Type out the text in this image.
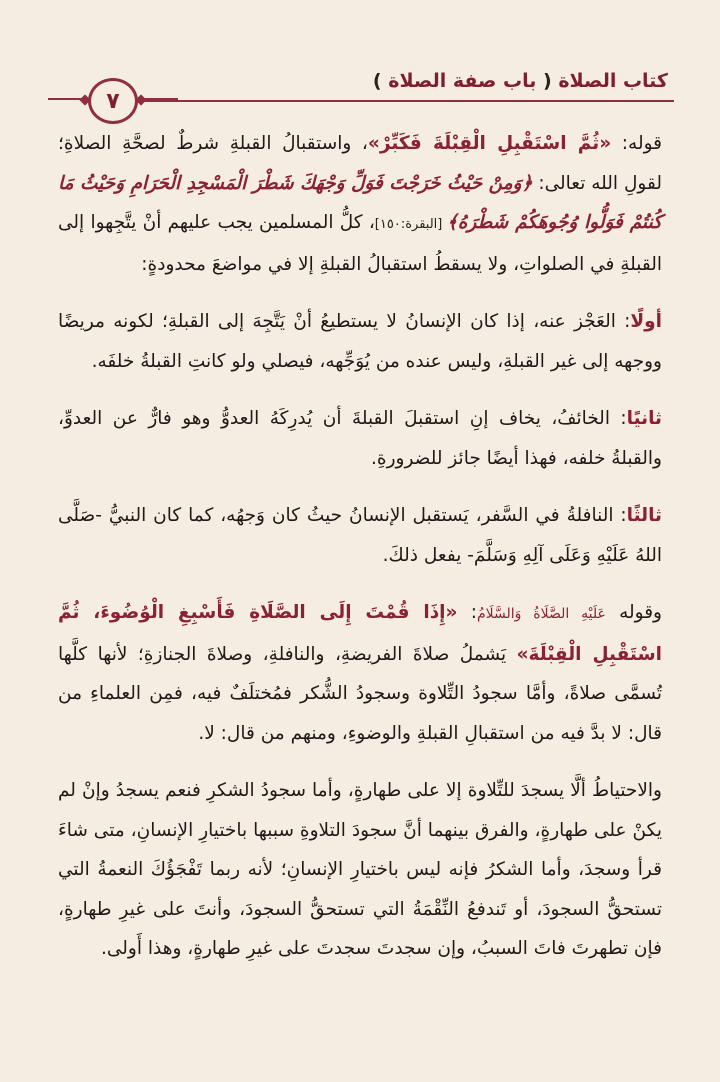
كتاب الصلاة ( باب صفة الصلاة )
٧

قوله: «ثُمَّ اسْتَقْبِلِ الْقِبْلَةَ فَكَبِّرْ»، واستقبالُ القبلةِ شرطٌ لصحَّةِ الصلاةِ؛ لقولِ الله تعالى: ﴿وَمِنْ حَيْثُ خَرَجْتَ فَوَلِّ وَجْهَكَ شَطْرَ الْمَسْجِدِ الْحَرَامِ وَحَيْثُ مَا كُنتُمْ فَوَلُّوا وُجُوهَكُمْ شَطْرَهُ﴾ [البقرة:١٥٠]، كلُّ المسلمين يجب عليهم أنْ يتَّجِهوا إلى القبلةِ في الصلواتِ، ولا يسقطُ استقبالُ القبلةِ إلا في مواضعَ محدودةٍ:

أولًا: العَجْز عنه، إذا كان الإنسانُ لا يستطيعُ أنْ يَتَّجِهَ إلى القبلةِ؛ لكونه مريضًا ووجهه إلى غير القبلةِ، وليس عنده من يُوَجِّهه، فيصلي ولو كانتِ القبلةُ خلفَه.

ثانيًا: الخائفُ، يخاف إنِ استقبلَ القبلةَ أن يُدرِكَهُ العدوُّ وهو فارٌّ عن العدوِّ، والقبلةُ خلفه، فهذا أيضًا جائز للضرورةِ.

ثالثًا: النافلةُ في السَّفر، يَستقبل الإنسانُ حيثُ كان وَجهُه، كما كان النبيُّ -صَلَّى اللهُ عَلَيْهِ وَعَلَى آلِهِ وَسَلَّمَ- يفعل ذلكَ.

وقوله عَلَيْهِ الصَّلَاةُ وَالسَّلَامُ: «إِذَا قُمْتَ إِلَى الصَّلَاةِ فَأَسْبِغِ الْوُضُوءَ، ثُمَّ اسْتَقْبِلِ الْقِبْلَةَ» يَشملُ صلاةَ الفريضةِ، والنافلةِ، وصلاةَ الجنازةِ؛ لأنها كلَّها تُسمَّى صلاةً، وأمَّا سجودُ التِّلاوة وسجودُ الشُّكر فمُختلَفٌ فيه، فمِن العلماءِ من قال: لا بدَّ فيه من استقبالِ القبلةِ والوضوءِ، ومنهم من قال: لا.

والاحتياطُ ألَّا يسجدَ للتِّلاوة إلا على طهارةٍ، وأما سجودُ الشكرِ فنعم يسجدُ وإنْ لم يكنْ على طهارةٍ، والفرق بينهما أنَّ سجودَ التلاوةِ سببها باختيارِ الإنسانِ، متى شاءَ قرأ وسجدَ، وأما الشكرُ فإنه ليس باختيارِ الإنسانِ؛ لأنه ربما تَفْجَؤُكَ النعمةُ التي تستحقُّ السجودَ، أو تَندفعُ النِّقْمَةُ التي تستحقُّ السجودَ، وأنتَ على غيرِ طهارةٍ، فإن تطهرتَ فاتَ السببُ، وإن سجدتَ سجدتَ على غيرِ طهارةٍ، وهذا أَولى.
